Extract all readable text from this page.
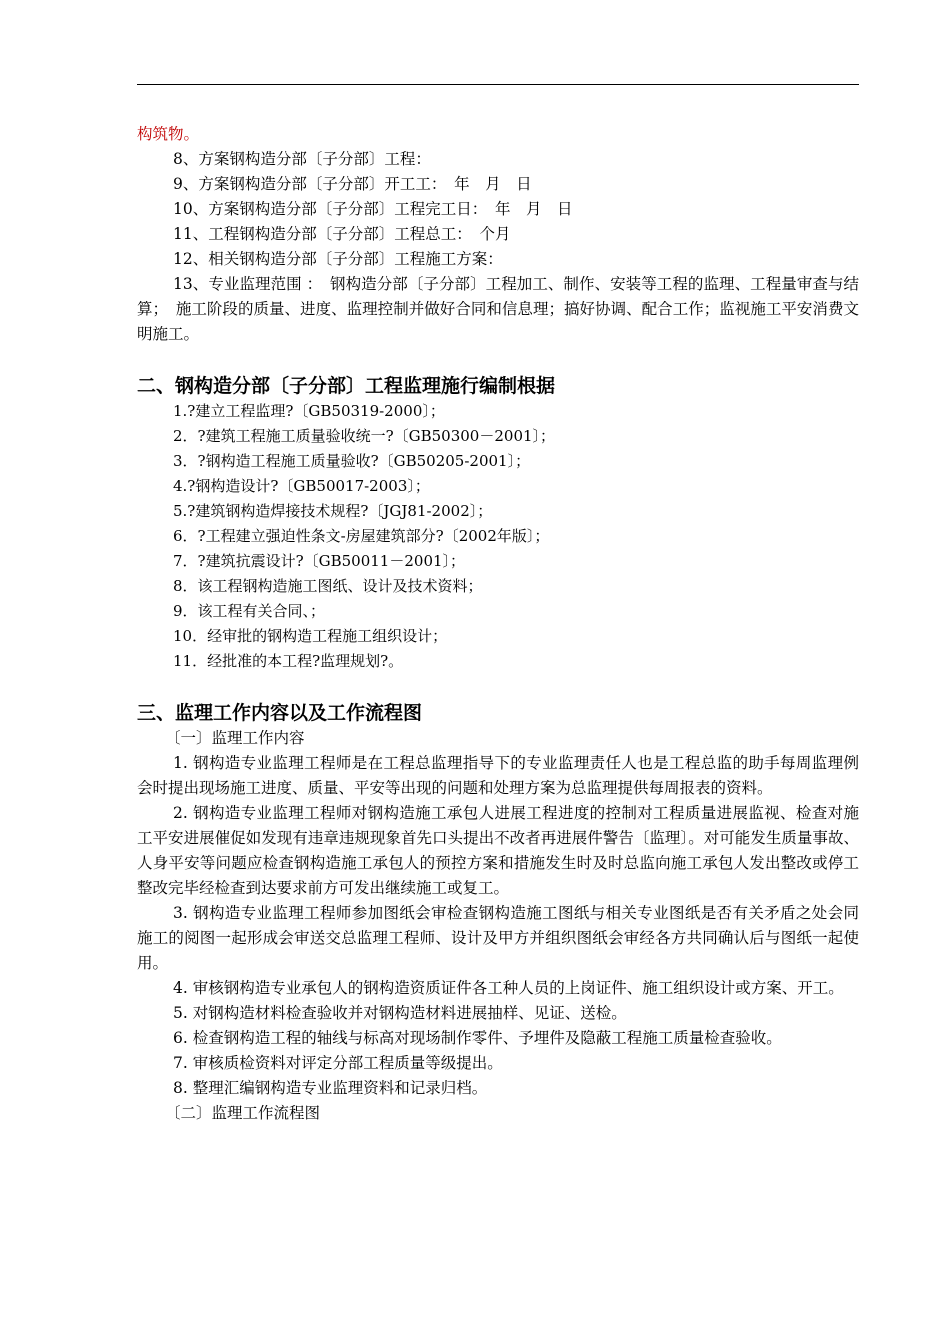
构筑物。

8、方案钢构造分部〔子分部〕工程：

9、方案钢构造分部〔子分部〕开工工：　年　月　日

10、方案钢构造分部〔子分部〕工程完工日：　年　月　日

11、工程钢构造分部〔子分部〕工程总工：　个月

12、相关钢构造分部〔子分部〕工程施工方案：

13、专业监理范围 ：　钢构造分部〔子分部〕工程加工、制作、安装等工程的监理、工程量审查与结算；　施工阶段的质量、进度、监理控制并做好合同和信息理；搞好协调、配合工作；监视施工平安消费文明施工。

二、钢构造分部〔子分部〕工程监理施行编制根据

1.?建立工程监理?〔GB50319-2000〕；

2．?建筑工程施工质量验收统一?〔GB50300－2001〕；

3．?钢构造工程施工质量验收?〔GB50205-2001〕；

4.?钢构造设计?〔GB50017-2003〕；

5.?建筑钢构造焊接技术规程?〔JGJ81-2002〕；

6．?工程建立强迫性条文-房屋建筑部分?〔2002年版〕；

7．?建筑抗震设计?〔GB50011－2001〕；

8．该工程钢构造施工图纸、设计及技术资料；

9．该工程有关合同、；

10．经审批的钢构造工程施工组织设计；

11．经批准的本工程?监理规划?。

三、监理工作内容以及工作流程图

〔一〕监理工作内容

1. 钢构造专业监理工程师是在工程总监理指导下的专业监理责任人也是工程总监的助手每周监理例会时提出现场施工进度、质量、平安等出现的问题和处理方案为总监理提供每周报表的资料。

2. 钢构造专业监理工程师对钢构造施工承包人进展工程进度的控制对工程质量进展监视、检查对施工平安进展催促如发现有违章违规现象首先口头提出不改者再进展件警告〔监理〕。对可能发生质量事故、人身平安等问题应检查钢构造施工承包人的预控方案和措施发生时及时总监向施工承包人发出整改或停工整改完毕经检查到达要求前方可发出继续施工或复工。

3. 钢构造专业监理工程师参加图纸会审检查钢构造施工图纸与相关专业图纸是否有关矛盾之处会同施工的阅图一起形成会审送交总监理工程师、设计及甲方并组织图纸会审经各方共同确认后与图纸一起使用。

4. 审核钢构造专业承包人的钢构造资质证件各工种人员的上岗证件、施工组织设计或方案、开工。

5. 对钢构造材料检查验收并对钢构造材料进展抽样、见证、送检。

6. 检查钢构造工程的轴线与标高对现场制作零件、予埋件及隐蔽工程施工质量检查验收。

7. 审核质检资料对评定分部工程质量等级提出。

8. 整理汇编钢构造专业监理资料和记录归档。

〔二〕监理工作流程图
